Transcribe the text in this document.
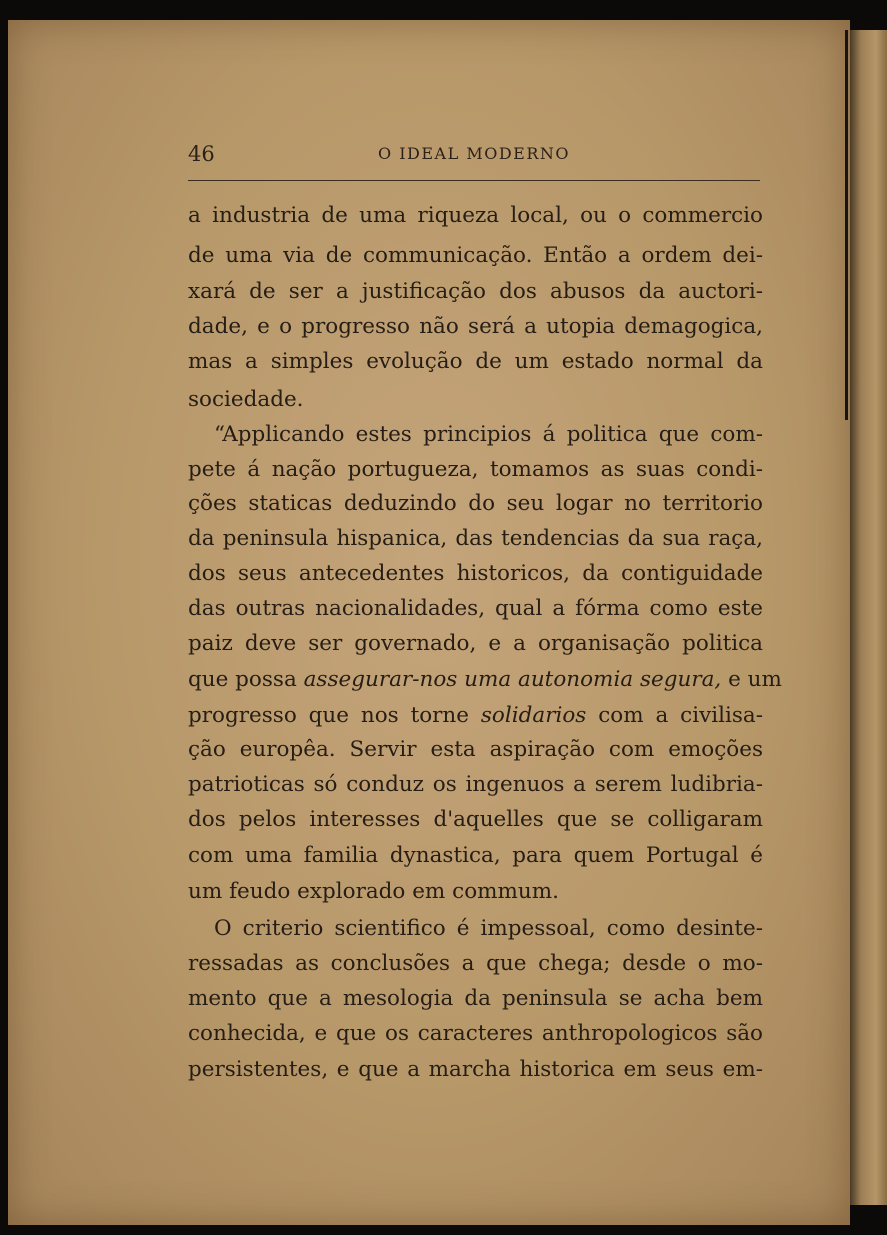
46	O IDEAL MODERNO
a industria de uma riqueza local, ou o commercio
de uma via de communicação. Então a ordem dei-
xará de ser a justificação dos abusos da auctori-
dade, e o progresso não será a utopia demagogica,
mas a simples evolução de um estado normal da
sociedade.
“Applicando estes principios á politica que com-
pete á nação portugueza, tomamos as suas condi-
ções staticas deduzindo do seu logar no territorio
da peninsula hispanica, das tendencias da sua raça,
dos seus antecedentes historicos, da contiguidade
das outras nacionalidades, qual a fórma como este
paiz deve ser governado, e a organisação politica
que possa assegurar-nos uma autonomia segura, e um
progresso que nos torne solidarios com a civilisa-
ção europêa. Servir esta aspiração com emoções
patrioticas só conduz os ingenuos a serem ludibria-
dos pelos interesses d'aquelles que se colligaram
com uma familia dynastica, para quem Portugal é
um feudo explorado em commum.
O criterio scientifico é impessoal, como desinte-
ressadas as conclusões a que chega; desde o mo-
mento que a mesologia da peninsula se acha bem
conhecida, e que os caracteres anthropologicos são
persistentes, e que a marcha historica em seus em-
